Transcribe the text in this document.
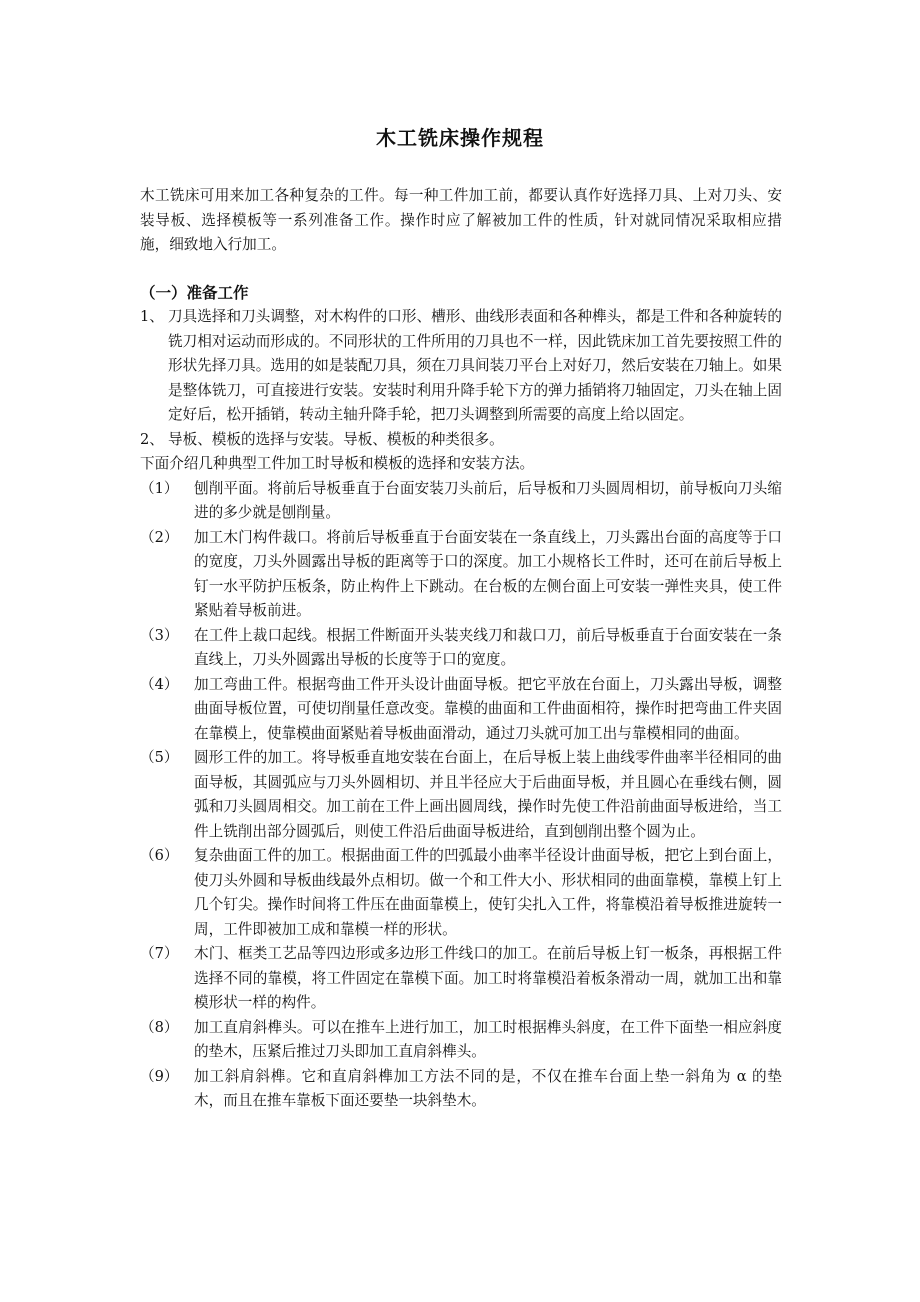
木工铣床操作规程
木工铣床可用来加工各种复杂的工件。每一种工件加工前，都要认真作好选择刀具、上对刀头、安装导板、选择模板等一系列准备工作。操作时应了解被加工件的性质，针对就同情况采取相应措施，细致地入行加工。
（一）准备工作
1、 刀具选择和刀头调整，对木构件的口形、槽形、曲线形表面和各种榫头，都是工件和各种旋转的铣刀相对运动而形成的。不同形状的工件所用的刀具也不一样，因此铣床加工首先要按照工件的形状先择刀具。选用的如是装配刀具，须在刀具间装刀平台上对好刀，然后安装在刀轴上。如果是整体铣刀，可直接进行安装。安装时利用升降手轮下方的弹力插销将刀轴固定，刀头在轴上固定好后，松开插销，转动主轴升降手轮，把刀头调整到所需要的高度上给以固定。
2、 导板、模板的选择与安装。导板、模板的种类很多。

下面介绍几种典型工件加工时导板和模板的选择和安装方法。

（1）	刨削平面。将前后导板垂直于台面安装刀头前后，后导板和刀头圆周相切，前导板向刀头缩进的多少就是刨削量。
（2）	加工木门构件裁口。将前后导板垂直于台面安装在一条直线上，刀头露出台面的高度等于口的宽度，刀头外圆露出导板的距离等于口的深度。加工小规格长工件时，还可在前后导板上钉一水平防护压板条，防止构件上下跳动。在台板的左侧台面上可安装一弹性夹具，使工件紧贴着导板前进。
（3）	在工件上裁口起线。根据工件断面开头装夹线刀和裁口刀，前后导板垂直于台面安装在一条直线上，刀头外圆露出导板的长度等于口的宽度。
（4）	加工弯曲工件。根据弯曲工件开头设计曲面导板。把它平放在台面上，刀头露出导板，调整曲面导板位置，可使切削量任意改变。靠模的曲面和工件曲面相符，操作时把弯曲工件夹固在靠模上，使靠模曲面紧贴着导板曲面滑动，通过刀头就可加工出与靠模相同的曲面。
（5）	圆形工件的加工。将导板垂直地安装在台面上，在后导板上装上曲线零件曲率半径相同的曲面导板，其圆弧应与刀头外圆相切、并且半径应大于后曲面导板，并且圆心在垂线右侧，圆弧和刀头圆周相交。加工前在工件上画出圆周线，操作时先使工件沿前曲面导板进给，当工件上铣削出部分圆弧后，则使工件沿后曲面导板进给，直到刨削出整个圆为止。
（6）	复杂曲面工件的加工。根据曲面工件的凹弧最小曲率半径设计曲面导板，把它上到台面上，使刀头外圆和导板曲线最外点相切。做一个和工件大小、形状相同的曲面靠模，靠模上钉上几个钉尖。操作时间将工件压在曲面靠模上，使钉尖扎入工件，将靠模沿着导板推进旋转一周，工件即被加工成和靠模一样的形状。
（7）	木门、框类工艺品等四边形或多边形工件线口的加工。在前后导板上钉一板条，再根据工件选择不同的靠模，将工件固定在靠模下面。加工时将靠模沿着板条滑动一周，就加工出和靠模形状一样的构件。
（8）	加工直肩斜榫头。可以在推车上进行加工，加工时根据榫头斜度，在工件下面垫一相应斜度的垫木，压紧后推过刀头即加工直肩斜榫头。
（9）	加工斜肩斜榫。它和直肩斜榫加工方法不同的是，不仅在推车台面上垫一斜角为 α 的垫木，而且在推车靠板下面还要垫一块斜垫木。
